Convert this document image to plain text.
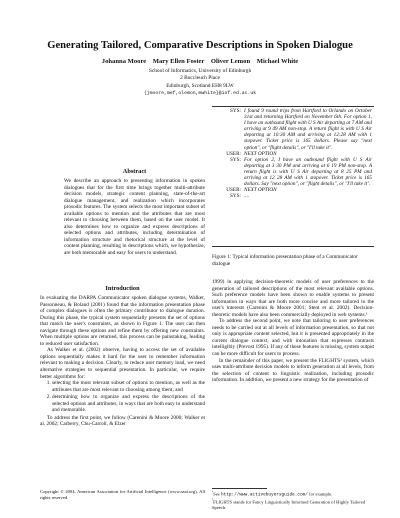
Generating Tailored, Comparative Descriptions in Spoken Dialogue
Johanna Moore    Mary Ellen Foster    Oliver Lemon    Michael White
School of Informatics, University of Edinburgh
2 Buccleuch Place
Edinburgh, Scotland EH8 9LW
{jmoore,mef,olemon,mwhite}@inf.ed.ac.uk
Abstract
We describe an approach to presenting information in spoken dialogues that for the first time brings together multi-attribute decision models, strategic content planning, state-of-the-art dialogue management, and realization which incorporates prosodic features. The system selects the most important subset of available options to mention and the attributes that are most relevant to choosing between them, based on the user model. It also determines how to organize and express descriptions of selected options and attributes, including determination of information structure and rhetorical structure at the level of content planning, resulting in descriptions which, we hypothesize, are both memorable and easy for users to understand.
Introduction
In evaluating the DARPA Communicator spoken dialogue systems, Walker, Passonneau, & Boland (2001) found that the information presentation phase of complex dialogues is often the primary contributor to dialogue duration. During this phase, the typical system sequentially presents the set of options that match the user's constraints, as shown in Figure 1. The user can then navigate through these options and refine them by offering new constraints. When multiple options are returned, this process can be painstaking, leading to reduced user satisfaction.
As Walker et al. (2002) observe, having to access the set of available options sequentially makes it hard for the user to remember information relevant to making a decision. Clearly, to reduce user memory load, we need alternative strategies to sequential presentation. In particular, we require better algorithms for:
1. selecting the most relevant subset of options to mention, as well as the attributes that are most relevant to choosing among them; and
2. determining how to organize and express the descriptions of the selected options and attributes, in ways that are both easy to understand and memorable.
To address the first point, we follow (Carenini & Moore 2000; Walker et al. 2002; Carberry, Chu-Carroll, & Elzer
Copyright © 2004, American Association for Artificial Intelligence (www.aaai.org). All rights reserved.
SYS: I found 9 round trips from Hartford to Orlando on October 31st and returning Hartford on November 6th. For option 1, I have an outbound flight with U S Air departing at 7 AM and arriving at 9 49 AM non-stop. A return flight is with U S Air departing at 10:30 AM and arriving at 12:28 AM with 1 stopover. Ticket price is 165 dollars. Please say "next option", or "flight details", or "I'll take it".
USER: NEXT OPTION
SYS: For option 2, I have an outbound flight with U S Air departing at 3 30 PM and arriving at 6 19 PM non-stop. A return flight is with U S Air departing at 8 25 PM and arriving at 12 28 AM with 1 stopover. Ticket price is 165 dollars. Say "next option", or "flight details", or "I'll take it".
USER: NEXT OPTION
SYS: ....
Figure 1: Typical information presentation phase of a Communicator dialogue
1999) in applying decision-theoretic models of user preferences to the generation of tailored descriptions of the most relevant available options. Such preference models have been shown to enable systems to present information in ways that are both more concise and more tailored to the user's interests (Carenini & Moore 2001; Stent et al. 2002). Decision-theoretic models have also been commercially deployed in web systems.¹
To address the second point, we note that tailoring to user preferences needs to be carried out at all levels of information presentation, so that not only is appropriate content selected, but it is presented appropriately in the current dialogue context, and with intonation that expresses contrasts intelligibly (Prevost 1995). If any of these features is missing, system output can be more difficult for users to process.
In the remainder of this paper, we present the FLIGHTS² system, which uses multi-attribute decision models to inform generation at all levels, from the selection of content to linguistic realization, including prosodic information. In addition, we present a new strategy for the presentation of
$^{^1}$See http://www.activebuyersguide.com/ for example.
$^{^2}$FLIGHTS stands for Fancy Linguistically Informed Generation of Highly Tailored Speech.
